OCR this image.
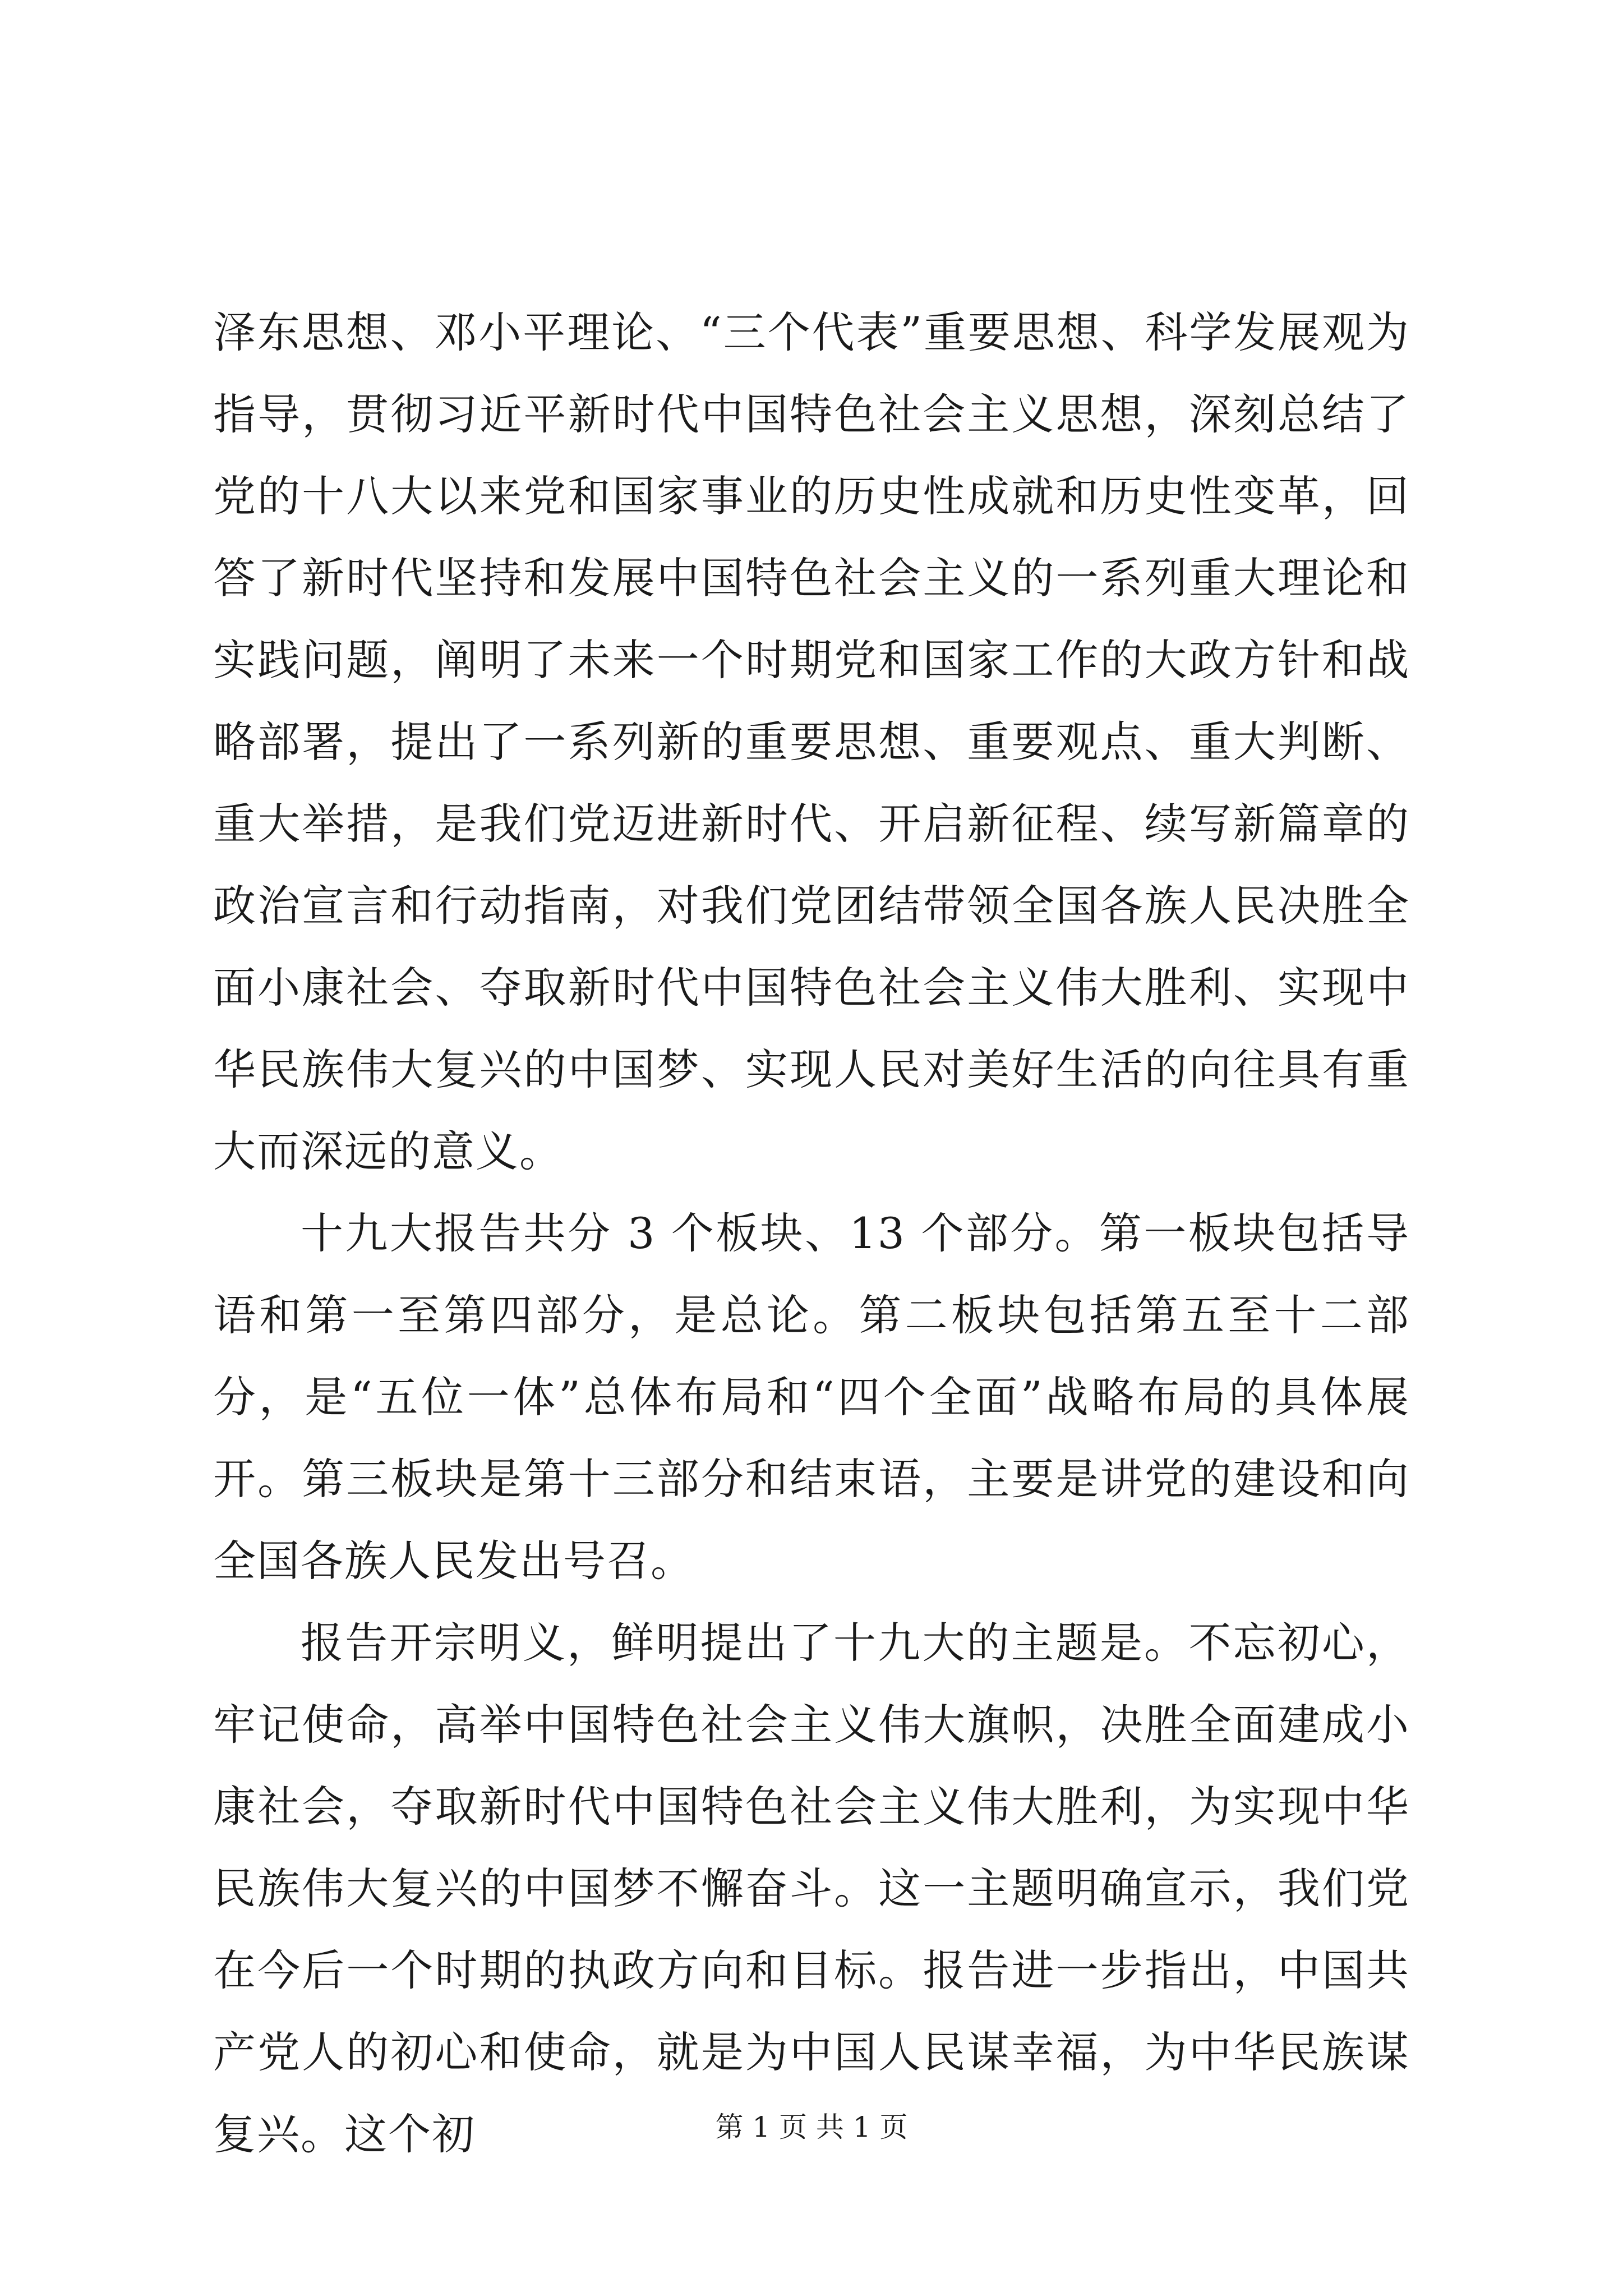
泽东思想、邓小平理论、“三个代表”重要思想、科学发展观为指导，贯彻习近平新时代中国特色社会主义思想，深刻总结了党的十八大以来党和国家事业的历史性成就和历史性变革，回答了新时代坚持和发展中国特色社会主义的一系列重大理论和实践问题，阐明了未来一个时期党和国家工作的大政方针和战略部署，提出了一系列新的重要思想、重要观点、重大判断、重大举措，是我们党迈进新时代、开启新征程、续写新篇章的政治宣言和行动指南，对我们党团结带领全国各族人民决胜全面小康社会、夺取新时代中国特色社会主义伟大胜利、实现中华民族伟大复兴的中国梦、实现人民对美好生活的向往具有重大而深远的意义。

十九大报告共分 3 个板块、13 个部分。第一板块包括导语和第一至第四部分，是总论。第二板块包括第五至十二部分，是“五位一体”总体布局和“四个全面”战略布局的具体展开。第三板块是第十三部分和结束语，主要是讲党的建设和向全国各族人民发出号召。

报告开宗明义，鲜明提出了十九大的主题是。不忘初心，牢记使命，高举中国特色社会主义伟大旗帜，决胜全面建成小康社会，夺取新时代中国特色社会主义伟大胜利，为实现中华民族伟大复兴的中国梦不懈奋斗。这一主题明确宣示，我们党在今后一个时期的执政方向和目标。报告进一步指出，中国共产党人的初心和使命，就是为中国人民谋幸福，为中华民族谋复兴。这个初	第 1 页 共 1 页
